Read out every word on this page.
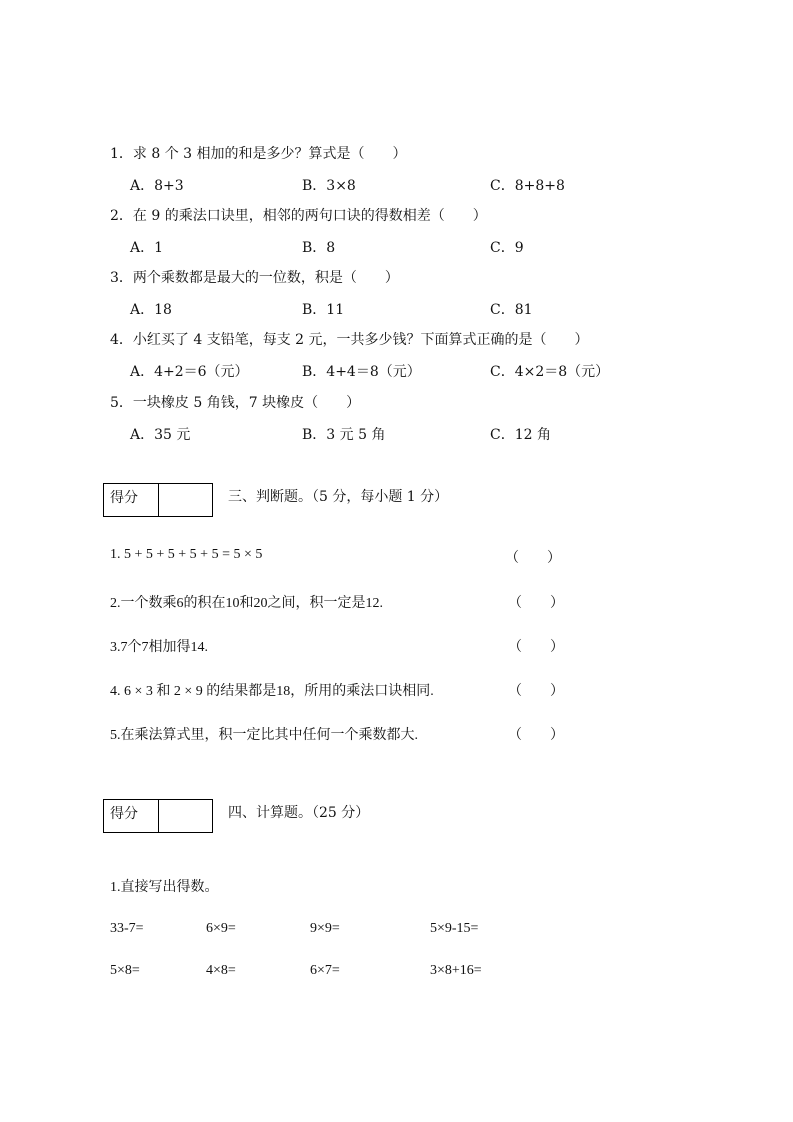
1．求 8 个 3 相加的和是多少？算式是（　　）
A．8+3	B．3×8	C．8+8+8
2．在 9 的乘法口诀里，相邻的两句口诀的得数相差（　　）
A．1	B．8	C．9
3．两个乘数都是最大的一位数，积是（　　）
A．18	B．11	C．81
4．小红买了 4 支铅笔，每支 2 元，一共多少钱？下面算式正确的是（　　）
A．4+2＝6（元）	B．4+4＝8（元）	C．4×2＝8（元）
5．一块橡皮 5 角钱，7 块橡皮（　　）
A．35 元	B．3 元 5 角	C．12 角
得分	三、判断题。（5 分，每小题 1 分）
1. 5 + 5 + 5 + 5 + 5 = 5 × 5	（　　）
2.一个数乘6的积在10和20之间，积一定是12.	（　　）
3.7个7相加得14.	（　　）
4. 6 × 3 和 2 × 9 的结果都是18，所用的乘法口诀相同.	（　　）
5.在乘法算式里，积一定比其中任何一个乘数都大.	（　　）
得分	四、计算题。（25 分）
1.直接写出得数。
33-7=	6×9=	9×9=	5×9-15=
5×8=	4×8=	6×7=	3×8+16=
